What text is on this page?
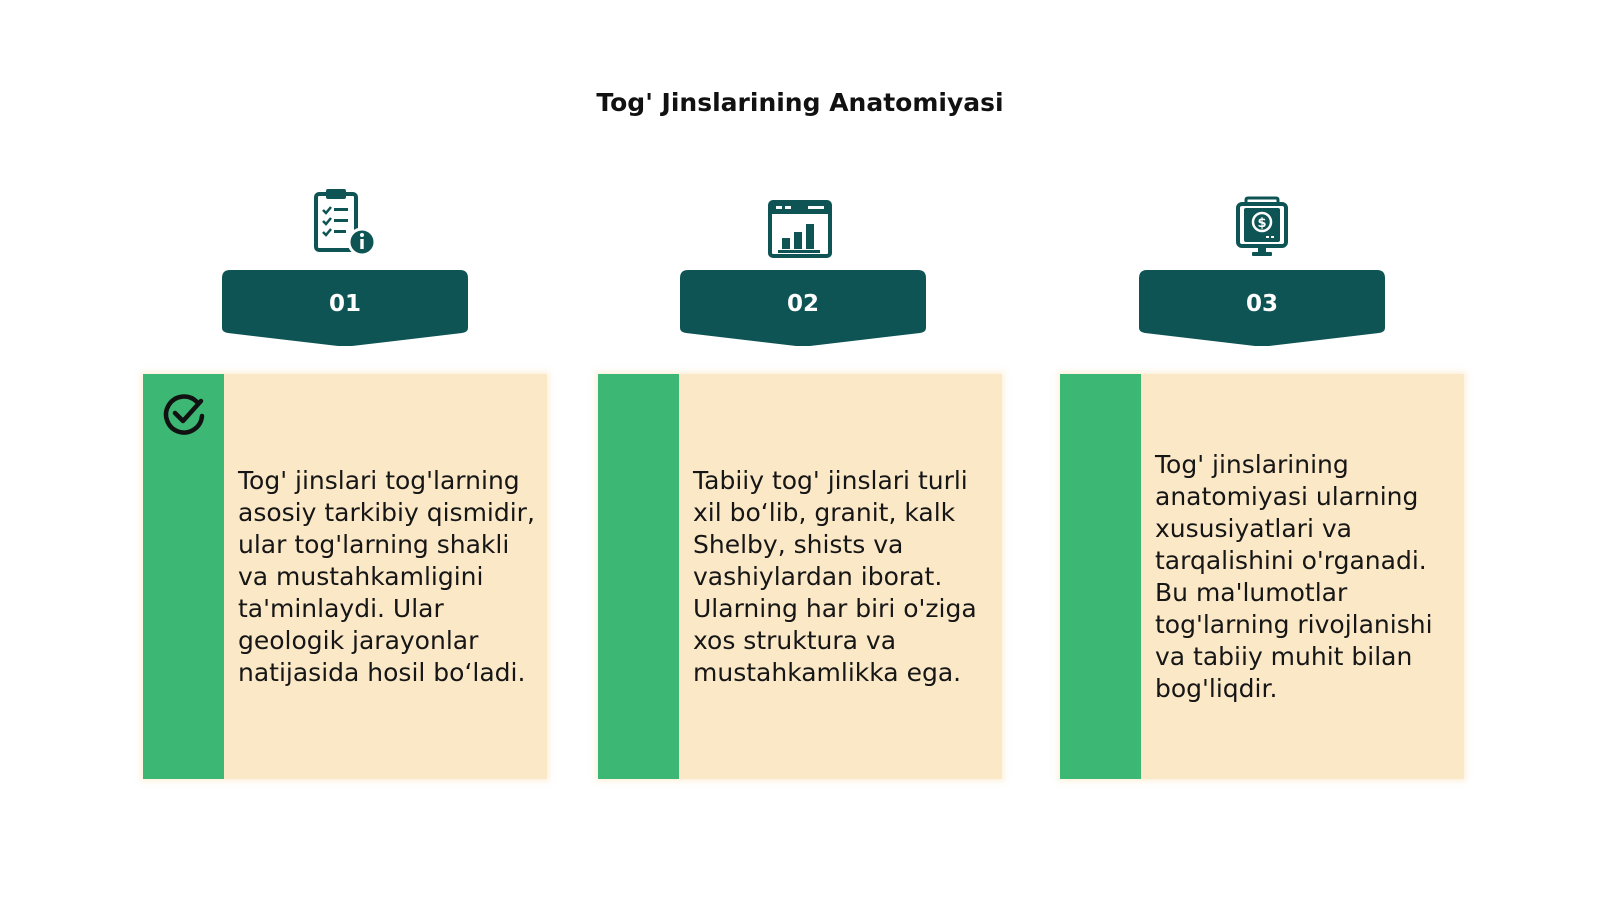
Tog' Jinslarining Anatomiyasi
01
Tog' jinslari tog'larning asosiy tarkibiy qismidir, ular tog'larning shakli va mustahkamligini ta'minlaydi. Ular geologik jarayonlar natijasida hosil bo‘ladi.
02
Tabiiy tog' jinslari turli xil bo‘lib, granit, kalk Shelby, shists va vashiylardan iborat. Ularning har biri o'ziga xos struktura va mustahkamlikka ega.
$
03
Tog' jinslarining anatomiyasi ularning xususiyatlari va tarqalishini o'rganadi. Bu ma'lumotlar tog'larning rivojlanishi va tabiiy muhit bilan bog'liqdir.
